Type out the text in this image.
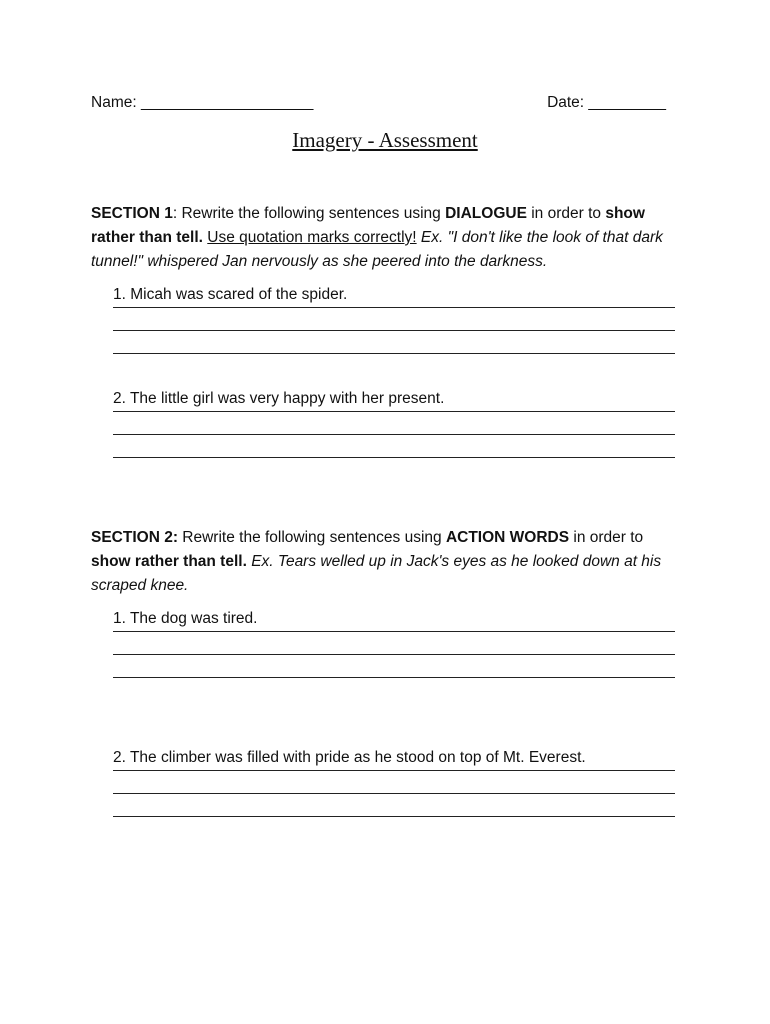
Name: ____________________	Date: _________
Imagery - Assessment
SECTION 1: Rewrite the following sentences using DIALOGUE in order to show rather than tell. Use quotation marks correctly! Ex. "I don't like the look of that dark tunnel!" whispered Jan nervously as she peered into the darkness.
1. Micah was scared of the spider.
2. The little girl was very happy with her present.
SECTION 2: Rewrite the following sentences using ACTION WORDS in order to show rather than tell. Ex. Tears welled up in Jack's eyes as he looked down at his scraped knee.
1. The dog was tired.
2. The climber was filled with pride as he stood on top of Mt. Everest.
